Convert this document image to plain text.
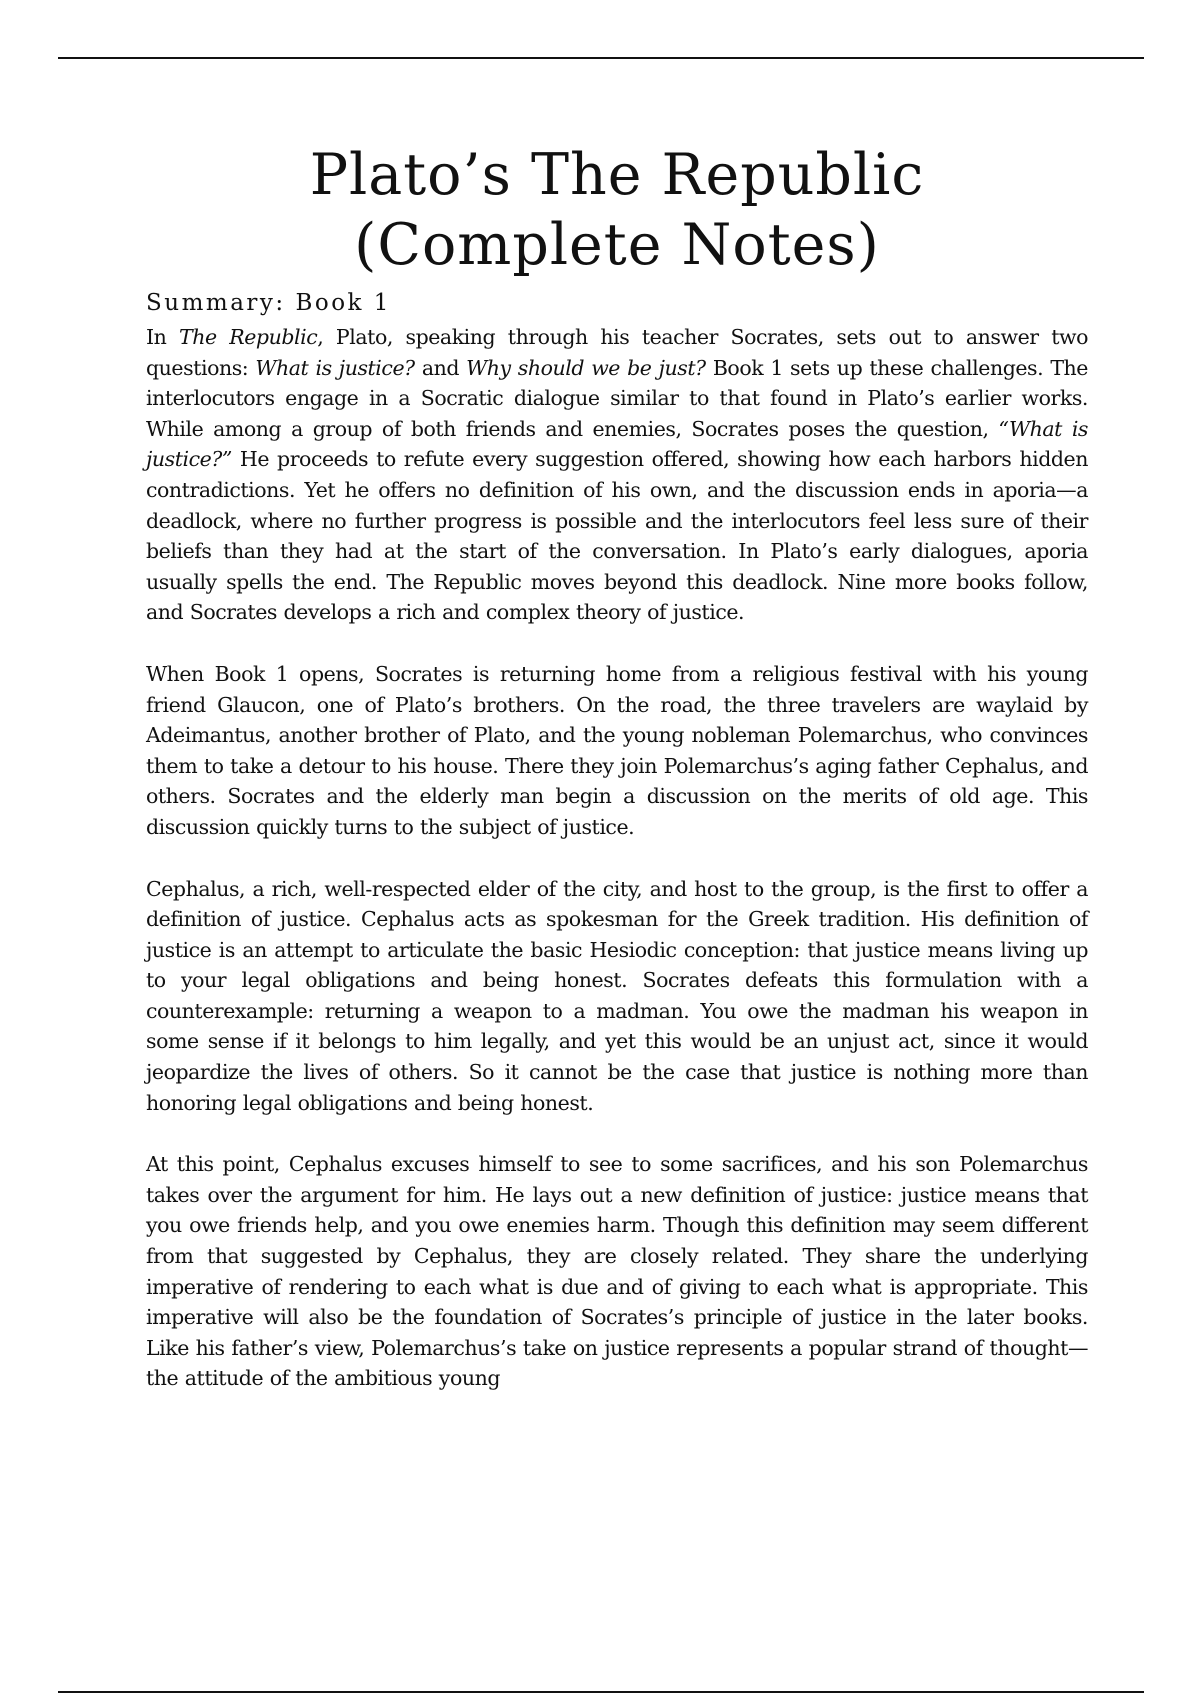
Plato’s The Republic
(Complete Notes)
Summary: Book 1

In The Republic, Plato, speaking through his teacher Socrates, sets out to answer two questions: What is justice? and Why should we be just? Book 1 sets up these challenges. The interlocutors engage in a Socratic dialogue similar to that found in Plato’s earlier works. While among a group of both friends and enemies, Socrates poses the question, “What is justice?” He proceeds to refute every suggestion offered, showing how each harbors hidden contradictions. Yet he offers no definition of his own, and the discussion ends in aporia—a deadlock, where no further progress is possible and the interlocutors feel less sure of their beliefs than they had at the start of the conversation. In Plato’s early dialogues, aporia usually spells the end. The Republic moves beyond this deadlock. Nine more books follow, and Socrates develops a rich and complex theory of justice.

When Book 1 opens, Socrates is returning home from a religious festival with his young friend Glaucon, one of Plato’s brothers. On the road, the three travelers are waylaid by Adeimantus, another brother of Plato, and the young nobleman Polemarchus, who convinces them to take a detour to his house. There they join Polemarchus’s aging father Cephalus, and others. Socrates and the elderly man begin a discussion on the merits of old age. This discussion quickly turns to the subject of justice.

Cephalus, a rich, well-respected elder of the city, and host to the group, is the first to offer a definition of justice. Cephalus acts as spokesman for the Greek tradition. His definition of justice is an attempt to articulate the basic Hesiodic conception: that justice means living up to your legal obligations and being honest. Socrates defeats this formulation with a counterexample: returning a weapon to a madman. You owe the madman his weapon in some sense if it belongs to him legally, and yet this would be an unjust act, since it would jeopardize the lives of others. So it cannot be the case that justice is nothing more than honoring legal obligations and being honest.

At this point, Cephalus excuses himself to see to some sacrifices, and his son Polemarchus takes over the argument for him. He lays out a new definition of justice: justice means that you owe friends help, and you owe enemies harm. Though this definition may seem different from that suggested by Cephalus, they are closely related. They share the underlying imperative of rendering to each what is due and of giving to each what is appropriate. This imperative will also be the foundation of Socrates’s principle of justice in the later books. Like his father’s view, Polemarchus’s take on justice represents a popular strand of thought—the attitude of the ambitious young
